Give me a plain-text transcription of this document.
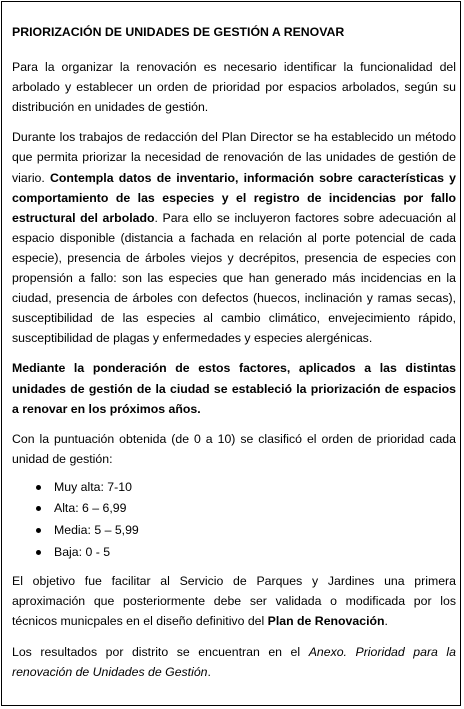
PRIORIZACIÓN DE UNIDADES DE GESTIÓN A RENOVAR

Para la organizar la renovación es necesario identificar la funcionalidad del arbolado y establecer un orden de prioridad por espacios arbolados, según su distribución en unidades de gestión.

Durante los trabajos de redacción del Plan Director se ha establecido un método que permita priorizar la necesidad de renovación de las unidades de gestión de viario. Contempla datos de inventario, información sobre características y comportamiento de las especies y el registro de incidencias por fallo estructural del arbolado. Para ello se incluyeron factores sobre adecuación al espacio disponible (distancia a fachada en relación al porte potencial de cada especie), presencia de árboles viejos y decrépitos, presencia de especies con propensión a fallo: son las especies que han generado más incidencias en la ciudad, presencia de árboles con defectos (huecos, inclinación y ramas secas), susceptibilidad de las especies al cambio climático, envejecimiento rápido, susceptibilidad de plagas y enfermedades y especies alergénicas.

Mediante la ponderación de estos factores, aplicados a las distintas unidades de gestión de la ciudad se estableció la priorización de espacios a renovar en los próximos años.

Con la puntuación obtenida (de 0 a 10) se clasificó el orden de prioridad cada unidad de gestión:

Muy alta: 7-10
Alta: 6 – 6,99
Media: 5 – 5,99
Baja: 0 - 5

El objetivo fue facilitar al Servicio de Parques y Jardines una primera aproximación que posteriormente debe ser validada o modificada por los técnicos municpales en el diseño definitivo del Plan de Renovación.

Los resultados por distrito se encuentran en el Anexo. Prioridad para la renovación de Unidades de Gestión.
